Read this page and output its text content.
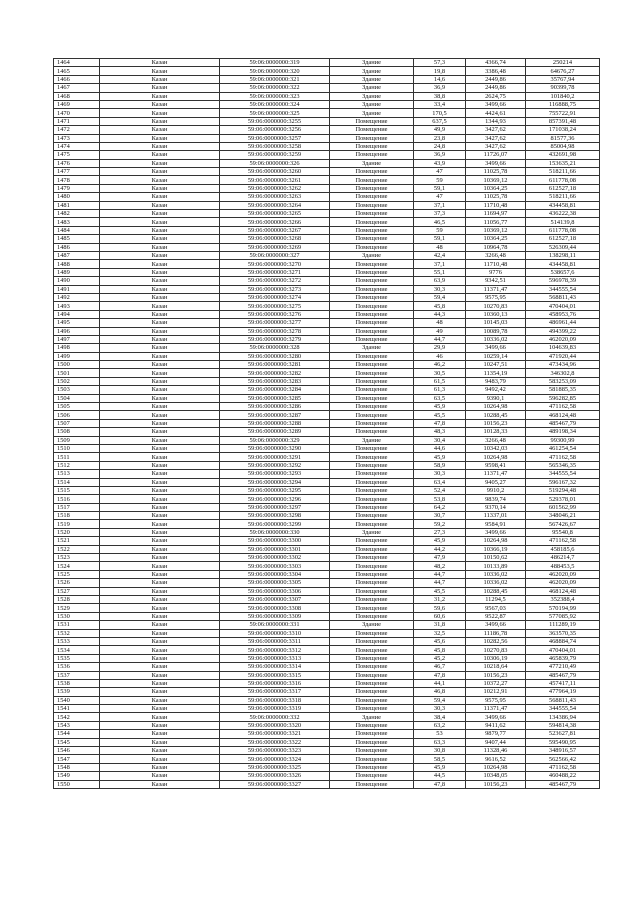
1464	Казан	59:06:0000000:319	Здание	57,3	4366,74	250214
1465	Казан	59:06:0000000:320	Здание	19,8	3386,48	64676,27
1466	Казан	59:06:0000000:321	Здание	14,6	2449,86	35767,94
1467	Казан	59:06:0000000:322	Здание	36,9	2449,86	90399,78
1468	Казан	59:06:0000000:323	Здание	38,8	2624,75	101840,2
1469	Казан	59:06:0000000:324	Здание	33,4	3499,66	116888,75
1470	Казан	59:06:0000000:325	Здание	170,5	4424,61	755722,91
1471	Казан	59:06:0000000:3255	Помещение	637,5	1344,93	857391,48
1472	Казан	59:06:0000000:3256	Помещение	49,9	3427,62	171038,24
1473	Казан	59:06:0000000:3257	Помещение	23,8	3427,62	81577,36
1474	Казан	59:06:0000000:3258	Помещение	24,8	3427,62	85004,98
1475	Казан	59:06:0000000:3259	Помещение	36,9	11726,07	432691,98
1476	Казан	59:06:0000000:326	Здание	43,9	3499,66	153635,21
1477	Казан	59:06:0000000:3260	Помещение	47	11025,78	518211,66
1478	Казан	59:06:0000000:3261	Помещение	59	10369,12	611778,08
1479	Казан	59:06:0000000:3262	Помещение	59,1	10364,25	612527,18
1480	Казан	59:06:0000000:3263	Помещение	47	11025,78	518211,66
1481	Казан	59:06:0000000:3264	Помещение	37,1	11710,48	434458,81
1482	Казан	59:06:0000000:3265	Помещение	37,3	11694,97	436222,38
1483	Казан	59:06:0000000:3266	Помещение	46,5	11056,77	514139,8
1484	Казан	59:06:0000000:3267	Помещение	59	10369,12	611778,08
1485	Казан	59:06:0000000:3268	Помещение	59,1	10364,25	612527,18
1486	Казан	59:06:0000000:3269	Помещение	48	10964,78	526309,44
1487	Казан	59:06:0000000:327	Здание	42,4	3266,48	138298,11
1488	Казан	59:06:0000000:3270	Помещение	37,1	11710,48	434458,81
1489	Казан	59:06:0000000:3271	Помещение	55,1	9776	538657,6
1490	Казан	59:06:0000000:3272	Помещение	63,9	9342,51	596978,39
1491	Казан	59:06:0000000:3273	Помещение	30,3	11371,47	344555,54
1492	Казан	59:06:0000000:3274	Помещение	59,4	9575,95	568811,43
1493	Казан	59:06:0000000:3275	Помещение	45,8	10270,83	470404,01
1494	Казан	59:06:0000000:3276	Помещение	44,3	10360,13	458953,76
1495	Казан	59:06:0000000:3277	Помещение	48	10145,03	486961,44
1496	Казан	59:06:0000000:3278	Помещение	49	10089,78	494399,22
1497	Казан	59:06:0000000:3279	Помещение	44,7	10336,02	462020,09
1498	Казан	59:06:0000000:328	Здание	29,9	3499,66	104639,83
1499	Казан	59:06:0000000:3280	Помещение	46	10259,14	471920,44
1500	Казан	59:06:0000000:3281	Помещение	46,2	10247,51	473434,96
1501	Казан	59:06:0000000:3282	Помещение	30,5	11354,19	346302,8
1502	Казан	59:06:0000000:3283	Помещение	61,5	9483,79	583253,09
1503	Казан	59:06:0000000:3284	Помещение	61,3	9492,42	581885,35
1504	Казан	59:06:0000000:3285	Помещение	63,5	9390,1	596282,85
1505	Казан	59:06:0000000:3286	Помещение	45,9	10264,98	471162,58
1506	Казан	59:06:0000000:3287	Помещение	45,5	10288,45	468124,48
1507	Казан	59:06:0000000:3288	Помещение	47,8	10156,23	485467,79
1508	Казан	59:06:0000000:3289	Помещение	48,3	10128,33	489198,34
1509	Казан	59:06:0000000:329	Здание	30,4	3266,48	99300,99
1510	Казан	59:06:0000000:3290	Помещение	44,6	10342,03	461254,54
1511	Казан	59:06:0000000:3291	Помещение	45,9	10264,98	471162,58
1512	Казан	59:06:0000000:3292	Помещение	58,9	9598,41	565346,35
1513	Казан	59:06:0000000:3293	Помещение	30,3	11371,47	344555,54
1514	Казан	59:06:0000000:3294	Помещение	63,4	9405,27	596167,32
1515	Казан	59:06:0000000:3295	Помещение	52,4	9910,2	519294,48
1516	Казан	59:06:0000000:3296	Помещение	53,8	9839,74	529378,01
1517	Казан	59:06:0000000:3297	Помещение	64,2	9370,14	601562,99
1518	Казан	59:06:0000000:3298	Помещение	30,7	11337,01	348046,21
1519	Казан	59:06:0000000:3299	Помещение	59,2	9584,91	567426,67
1520	Казан	59:06:0000000:330	Здание	27,3	3499,66	95540,8
1521	Казан	59:06:0000000:3300	Помещение	45,9	10264,98	471162,58
1522	Казан	59:06:0000000:3301	Помещение	44,2	10366,19	458185,6
1523	Казан	59:06:0000000:3302	Помещение	47,9	10150,62	486214,7
1524	Казан	59:06:0000000:3303	Помещение	48,2	10133,89	488453,5
1525	Казан	59:06:0000000:3304	Помещение	44,7	10336,02	462020,09
1526	Казан	59:06:0000000:3305	Помещение	44,7	10336,02	462020,09
1527	Казан	59:06:0000000:3306	Помещение	45,5	10288,45	468124,48
1528	Казан	59:06:0000000:3307	Помещение	31,2	11294,5	352388,4
1529	Казан	59:06:0000000:3308	Помещение	59,6	9567,03	570194,99
1530	Казан	59:06:0000000:3309	Помещение	60,6	9522,87	577085,92
1531	Казан	59:06:0000000:331	Здание	31,8	3499,66	111289,19
1532	Казан	59:06:0000000:3310	Помещение	32,5	11186,78	363570,35
1533	Казан	59:06:0000000:3311	Помещение	45,6	10282,56	468884,74
1534	Казан	59:06:0000000:3312	Помещение	45,8	10270,83	470404,01
1535	Казан	59:06:0000000:3313	Помещение	45,2	10306,19	465839,79
1536	Казан	59:06:0000000:3314	Помещение	46,7	10218,64	477210,49
1537	Казан	59:06:0000000:3315	Помещение	47,8	10156,23	485467,79
1538	Казан	59:06:0000000:3316	Помещение	44,1	10372,27	457417,11
1539	Казан	59:06:0000000:3317	Помещение	46,8	10212,91	477964,19
1540	Казан	59:06:0000000:3318	Помещение	59,4	9575,95	568811,43
1541	Казан	59:06:0000000:3319	Помещение	30,3	11371,47	344555,54
1542	Казан	59:06:0000000:332	Здание	38,4	3499,66	134386,94
1543	Казан	59:06:0000000:3320	Помещение	63,2	9411,62	594814,38
1544	Казан	59:06:0000000:3321	Помещение	53	9879,77	523627,81
1545	Казан	59:06:0000000:3322	Помещение	63,3	9407,44	595490,95
1546	Казан	59:06:0000000:3323	Помещение	30,8	11328,46	348916,57
1547	Казан	59:06:0000000:3324	Помещение	58,5	9616,52	562566,42
1548	Казан	59:06:0000000:3325	Помещение	45,9	10264,98	471162,58
1549	Казан	59:06:0000000:3326	Помещение	44,5	10348,05	460488,22
1550	Казан	59:06:0000000:3327	Помещение	47,8	10156,23	485467,79
